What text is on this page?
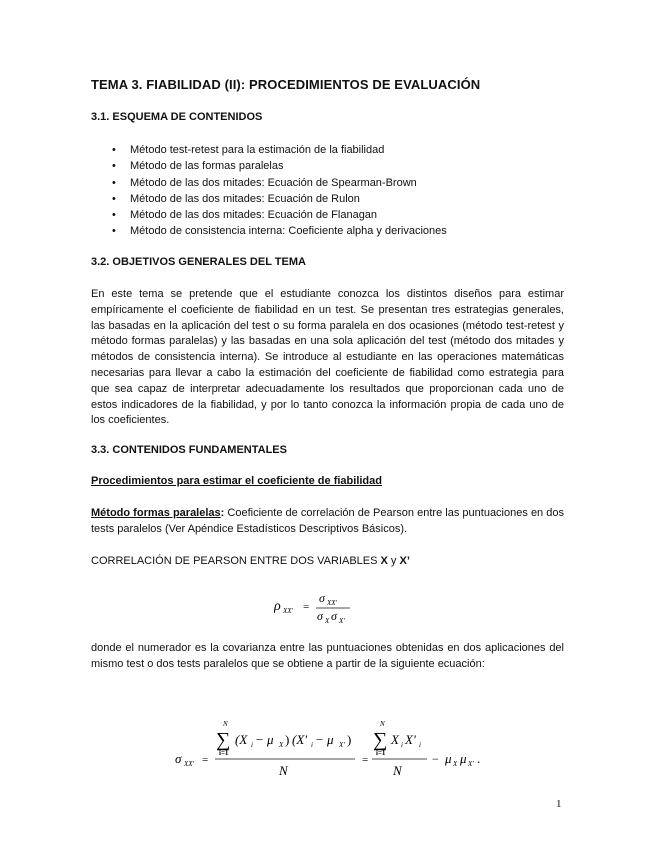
TEMA 3. FIABILIDAD (II): PROCEDIMIENTOS DE EVALUACIÓN
3.1. ESQUEMA DE CONTENIDOS
• Método test-retest para la estimación de la fiabilidad
• Método de las formas paralelas
• Método de las dos mitades: Ecuación de Spearman-Brown
• Método de las dos mitades: Ecuación de Rulon
• Método de las dos mitades: Ecuación de Flanagan
• Método de consistencia interna: Coeficiente alpha y derivaciones
3.2. OBJETIVOS GENERALES DEL TEMA
En este tema se pretende que el estudiante conozca los distintos diseños para estimar empíricamente el coeficiente de fiabilidad en un test. Se presentan tres estrategias generales, las basadas en la aplicación del test o su forma paralela en dos ocasiones (método test-retest y método formas paralelas) y las basadas en una sola aplicación del test (método dos mitades y métodos de consistencia interna). Se introduce al estudiante en las operaciones matemáticas necesarias para llevar a cabo la estimación del coeficiente de fiabilidad como estrategia para que sea capaz de interpretar adecuadamente los resultados que proporcionan cada uno de estos indicadores de la fiabilidad, y por lo tanto conozca la información propia de cada uno de los coeficientes.
3.3. CONTENIDOS FUNDAMENTALES
Procedimientos para estimar el coeficiente de fiabilidad
Método formas paralelas: Coeficiente de correlación de Pearson entre las puntuaciones en dos tests paralelos (Ver Apéndice Estadísticos Descriptivos Básicos).
CORRELACIÓN DE PEARSON ENTRE DOS VARIABLES X y X’
ρ XX' =
σ XX'
σ X σ X'
donde el numerador es la covarianza entre las puntuaciones obtenidas en dos aplicaciones del mismo test o dos tests paralelos que se obtiene a partir de la siguiente ecuación:
σ XX' =
N
∑
i=1
(X i − μ X ) (X' i − μ X' )
N
=
N
∑
i=1
X i X' i
N
− μ X μ X' .
1
